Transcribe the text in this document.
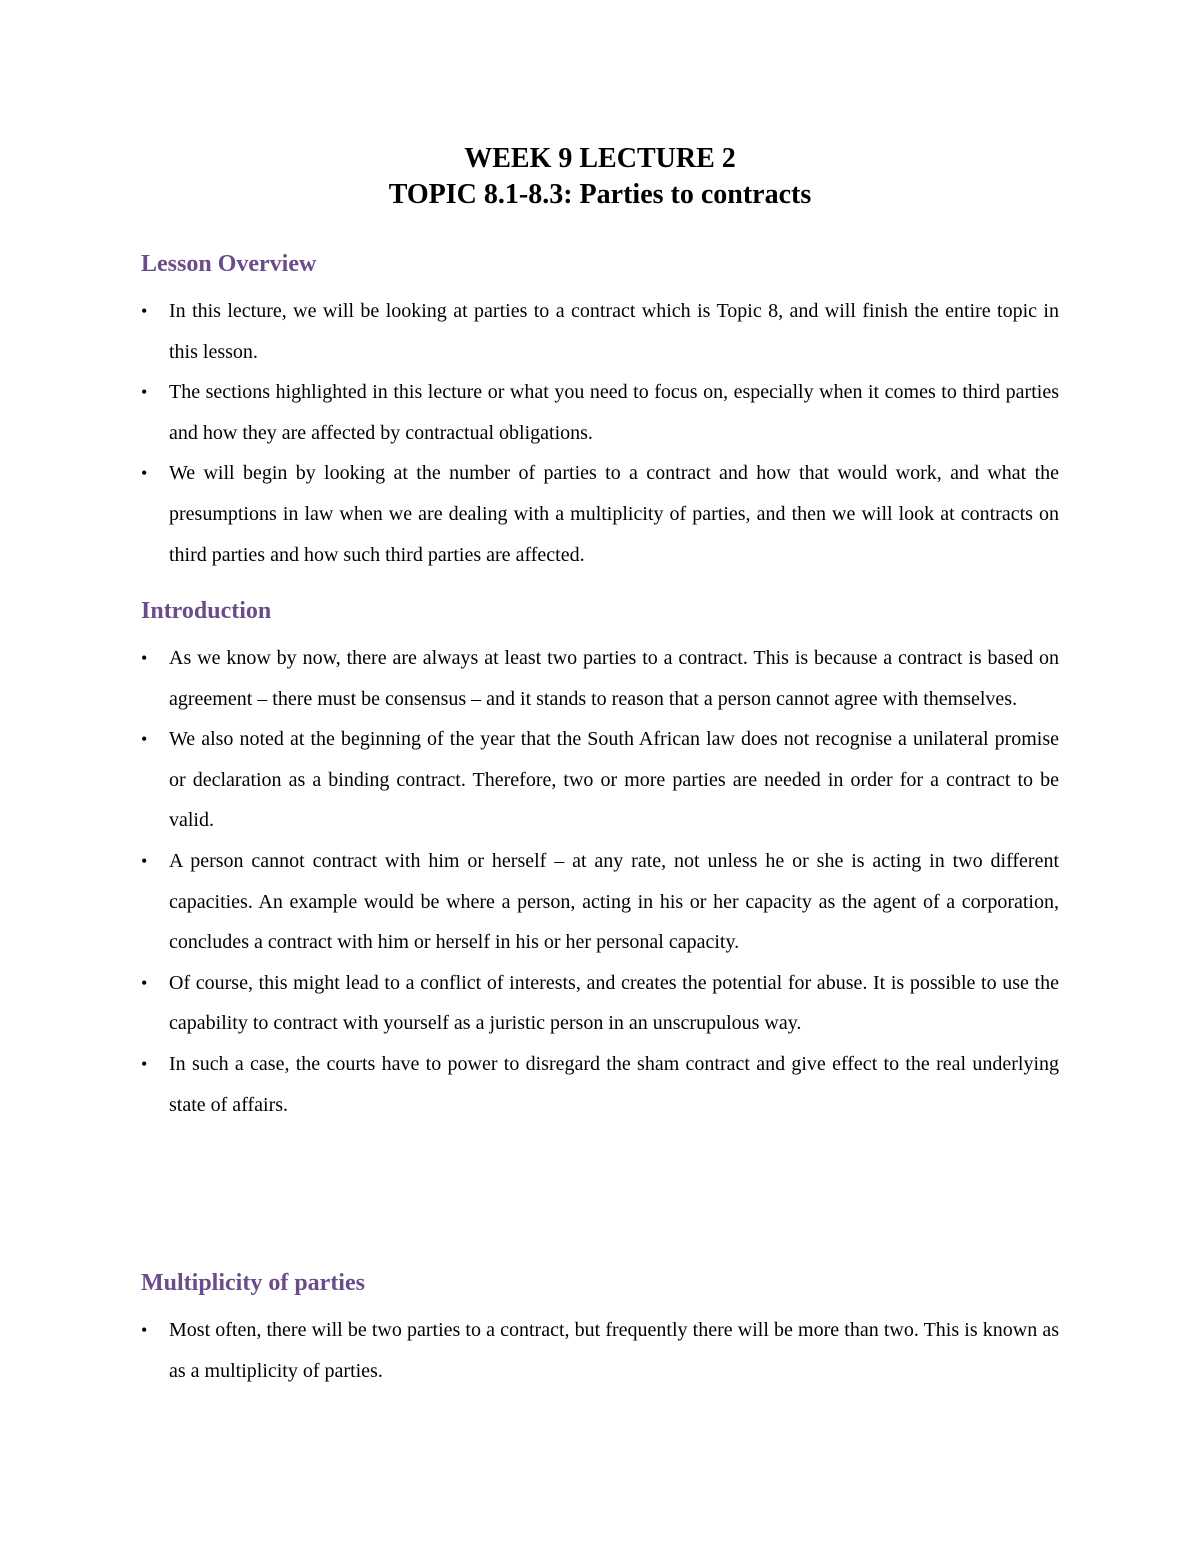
WEEK 9 LECTURE 2

TOPIC 8.1-8.3: Parties to contracts

Lesson Overview
•	In this lecture, we will be looking at parties to a contract which is Topic 8, and will finish the entire topic in this lesson.
•	The sections highlighted in this lecture or what you need to focus on, especially when it comes to third parties and how they are affected by contractual obligations.
•	We will begin by looking at the number of parties to a contract and how that would work, and what the presumptions in law when we are dealing with a multiplicity of parties, and then we will look at contracts on third parties and how such third parties are affected.
Introduction
•	As we know by now, there are always at least two parties to a contract. This is because a contract is based on agreement – there must be consensus – and it stands to reason that a person cannot agree with themselves.
•	We also noted at the beginning of the year that the South African law does not recognise a unilateral promise or declaration as a binding contract. Therefore, two or more parties are needed in order for a contract to be valid.
•	A person cannot contract with him or herself – at any rate, not unless he or she is acting in two different capacities. An example would be where a person, acting in his or her capacity as the agent of a corporation, concludes a contract with him or herself in his or her personal capacity.
•	Of course, this might lead to a conflict of interests, and creates the potential for abuse. It is possible to use the capability to contract with yourself as a juristic person in an unscrupulous way.
•	In such a case, the courts have to power to disregard the sham contract and give effect to the real underlying state of affairs.
Multiplicity of parties
•	Most often, there will be two parties to a contract, but frequently there will be more than two. This is known as as a multiplicity of parties.
